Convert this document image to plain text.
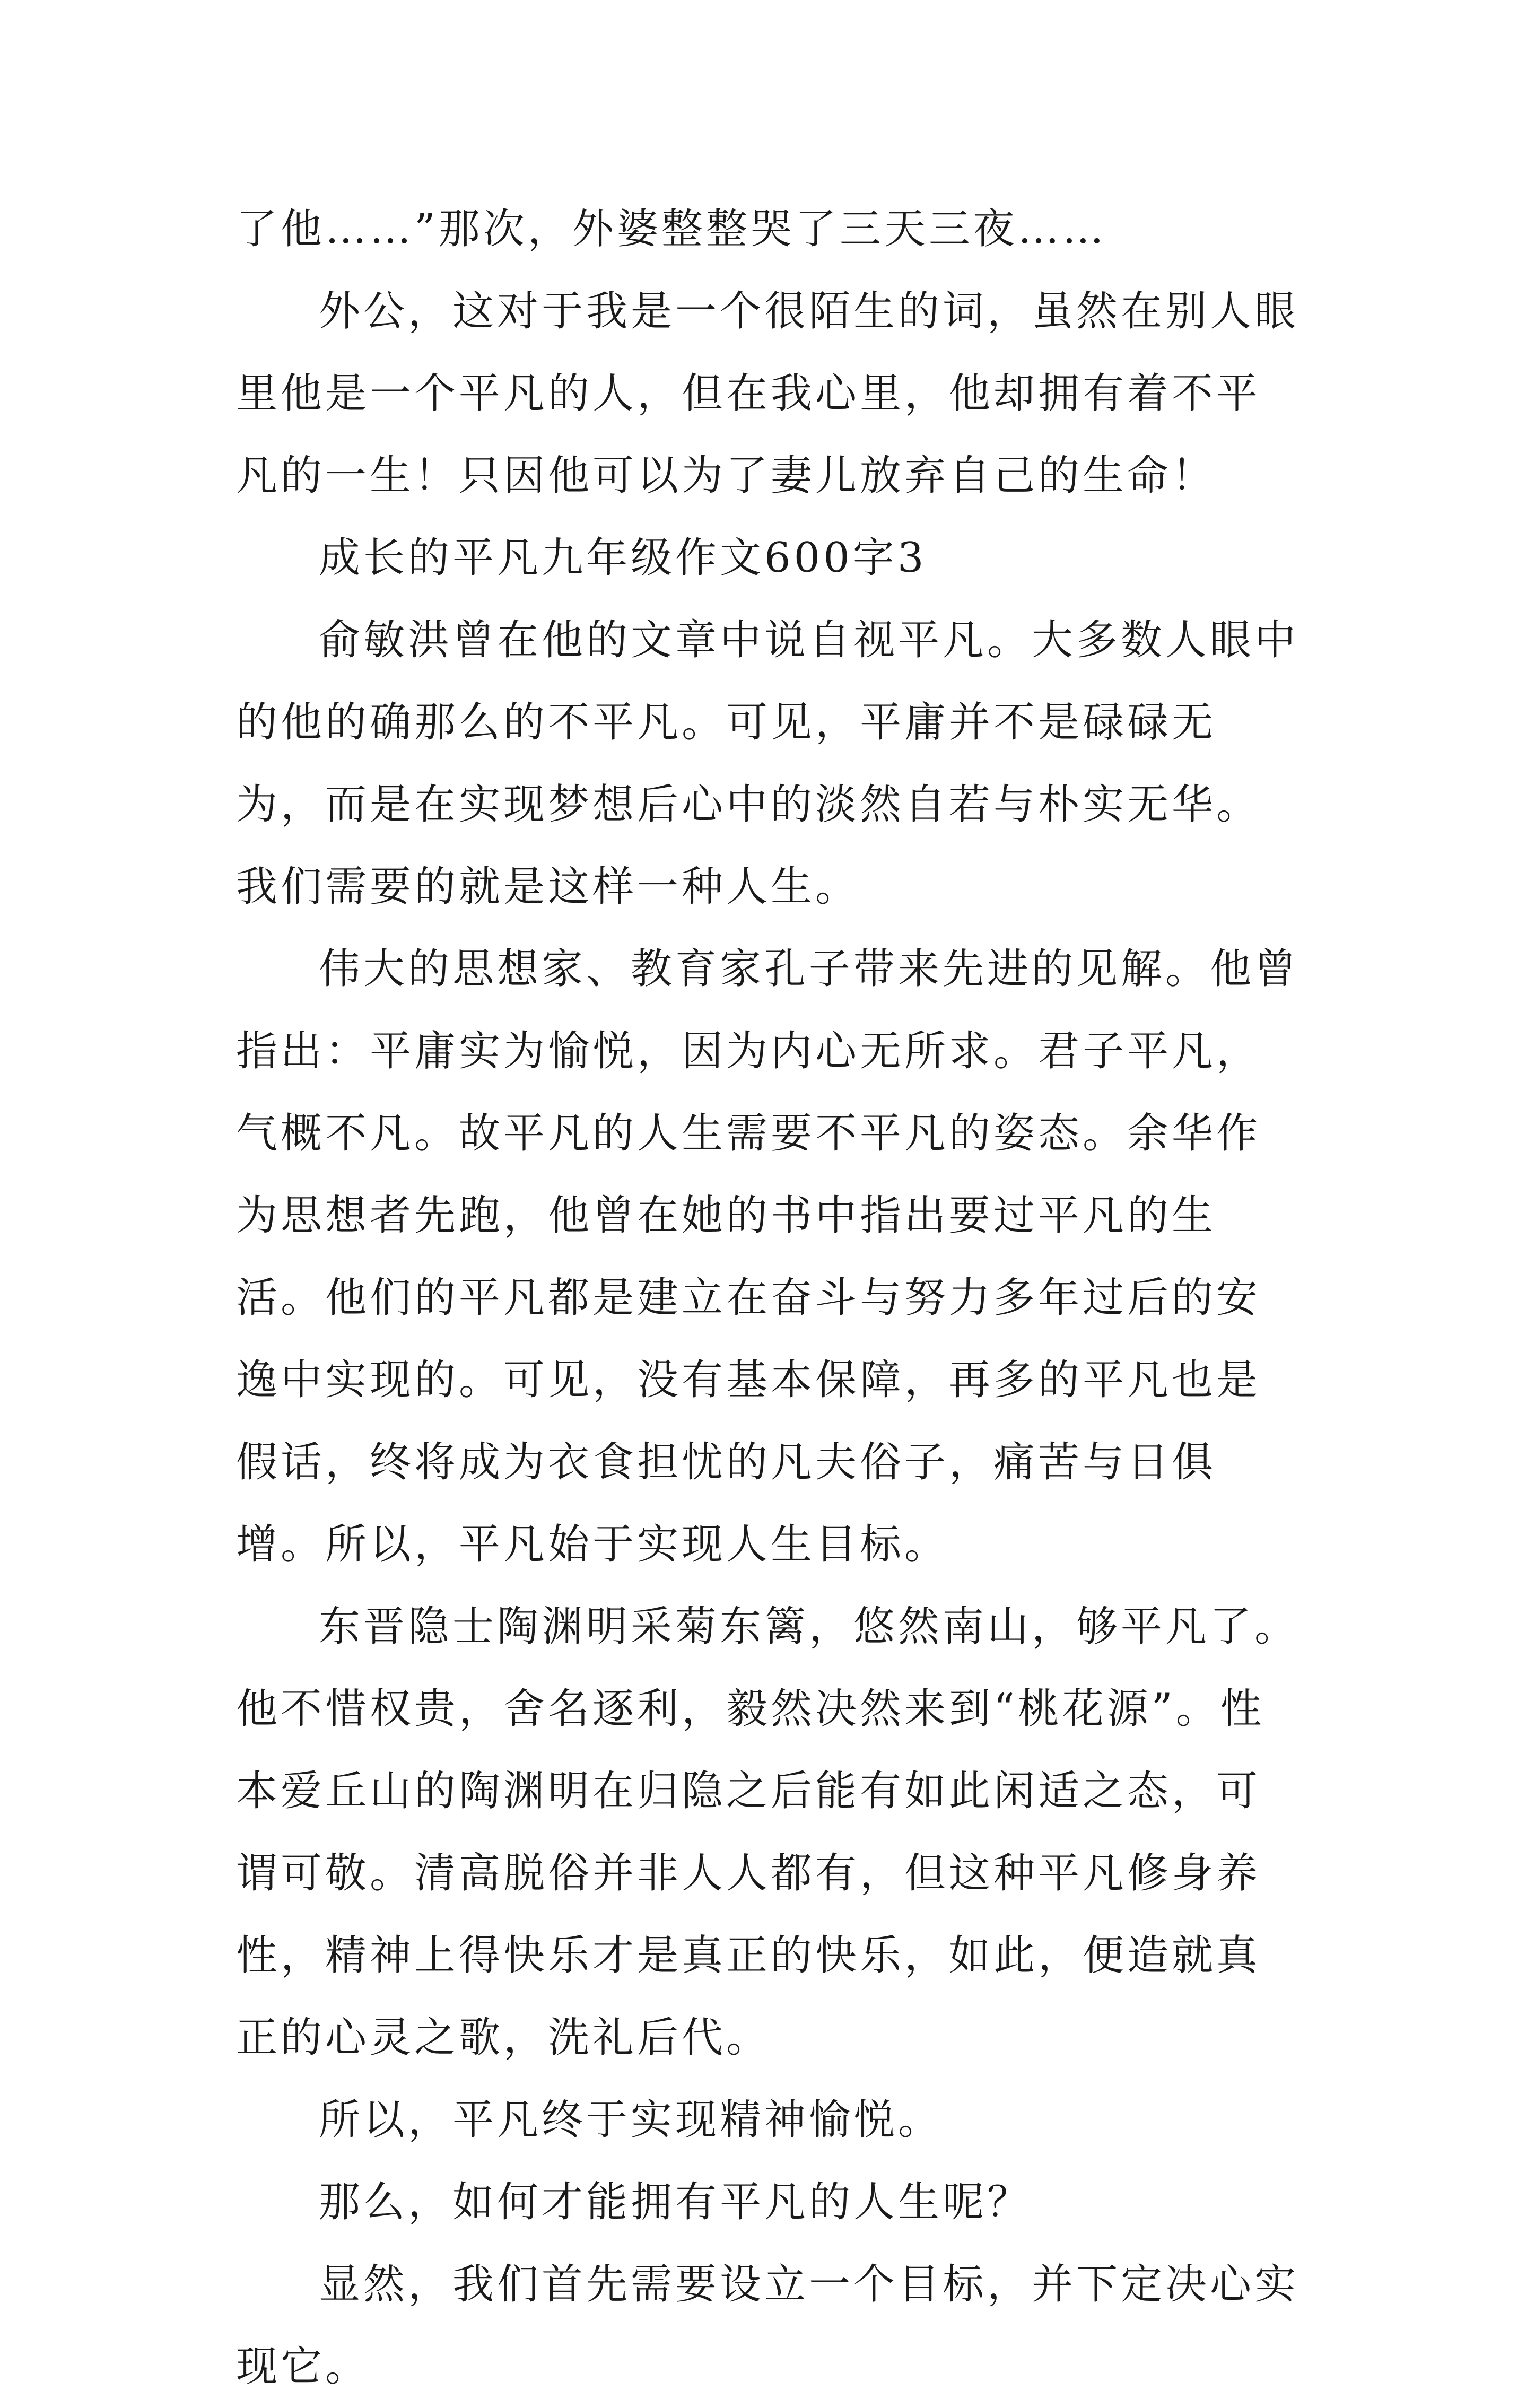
了他……”那次，外婆整整哭了三天三夜……

外公，这对于我是一个很陌生的词，虽然在别人眼里他是一个平凡的人，但在我心里，他却拥有着不平凡的一生！只因他可以为了妻儿放弃自己的生命！

成长的平凡九年级作文600字3

俞敏洪曾在他的文章中说自视平凡。大多数人眼中的他的确那么的不平凡。可见，平庸并不是碌碌无为，而是在实现梦想后心中的淡然自若与朴实无华。我们需要的就是这样一种人生。

伟大的思想家、教育家孔子带来先进的见解。他曾指出：平庸实为愉悦，因为内心无所求。君子平凡，气概不凡。故平凡的人生需要不平凡的姿态。余华作为思想者先跑，他曾在她的书中指出要过平凡的生活。他们的平凡都是建立在奋斗与努力多年过后的安逸中实现的。可见，没有基本保障，再多的平凡也是假话，终将成为衣食担忧的凡夫俗子，痛苦与日俱增。所以，平凡始于实现人生目标。

东晋隐士陶渊明采菊东篱，悠然南山，够平凡了。他不惜权贵，舍名逐利，毅然决然来到“桃花源”。性本爱丘山的陶渊明在归隐之后能有如此闲适之态，可谓可敬。清高脱俗并非人人都有，但这种平凡修身养性，精神上得快乐才是真正的快乐，如此，便造就真正的心灵之歌，洗礼后代。

所以，平凡终于实现精神愉悦。

那么，如何才能拥有平凡的人生呢？

显然，我们首先需要设立一个目标，并下定决心实现它。
